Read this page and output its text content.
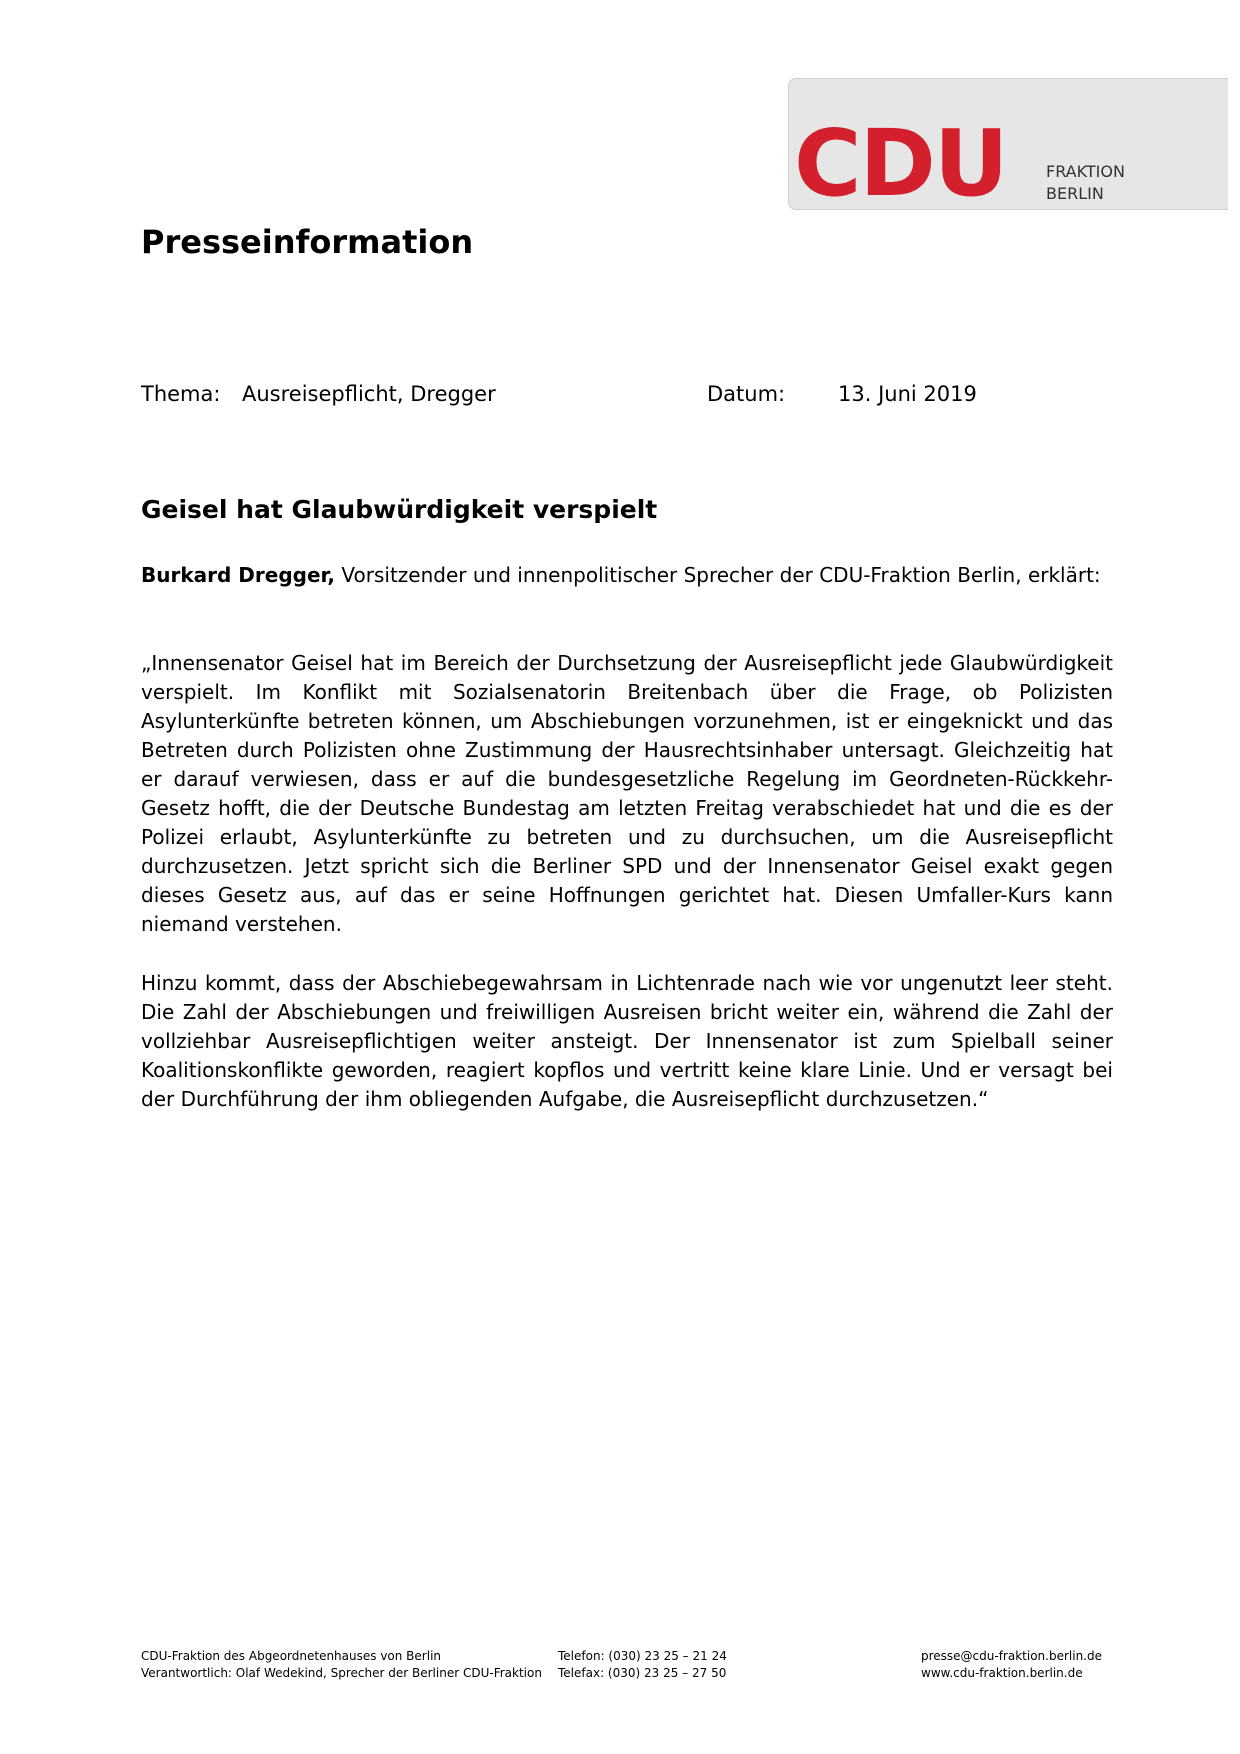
CDU FRAKTION
BERLIN
Presseinformation
Thema: Ausreisepflicht, Dregger	Datum:	13. Juni 2019
Geisel hat Glaubwürdigkeit verspielt

Burkard Dregger, Vorsitzender und innenpolitischer Sprecher der CDU-Fraktion Berlin, erklärt:

„Innensenator Geisel hat im Bereich der Durchsetzung der Ausreisepflicht jede Glaubwürdigkeit verspielt. Im Konflikt mit Sozialsenatorin Breitenbach über die Frage, ob Polizisten Asylunterkünfte betreten können, um Abschiebungen vorzunehmen, ist er eingeknickt und das Betreten durch Polizisten ohne Zustimmung der Hausrechtsinhaber untersagt. Gleichzeitig hat er darauf verwiesen, dass er auf die bundesgesetzliche Regelung im Geordneten-Rückkehr-Gesetz hofft, die der Deutsche Bundestag am letzten Freitag verabschiedet hat und die es der Polizei erlaubt, Asylunterkünfte zu betreten und zu durchsuchen, um die Ausreisepflicht durchzusetzen. Jetzt spricht sich die Berliner SPD und der Innensenator Geisel exakt gegen dieses Gesetz aus, auf das er seine Hoffnungen gerichtet hat. Diesen Umfaller-Kurs kann niemand verstehen.

Hinzu kommt, dass der Abschiebegewahrsam in Lichtenrade nach wie vor ungenutzt leer steht. Die Zahl der Abschiebungen und freiwilligen Ausreisen bricht weiter ein, während die Zahl der vollziehbar Ausreisepflichtigen weiter ansteigt. Der Innensenator ist zum Spielball seiner Koalitionskonflikte geworden, reagiert kopflos und vertritt keine klare Linie. Und er versagt bei der Durchführung der ihm obliegenden Aufgabe, die Ausreisepflicht durchzusetzen.“

CDU-Fraktion des Abgeordnetenhauses von Berlin
Verantwortlich: Olaf Wedekind, Sprecher der Berliner CDU-Fraktion
Telefon: (030) 23 25 – 21 24
Telefax: (030) 23 25 – 27 50
presse@cdu-fraktion.berlin.de
www.cdu-fraktion.berlin.de
